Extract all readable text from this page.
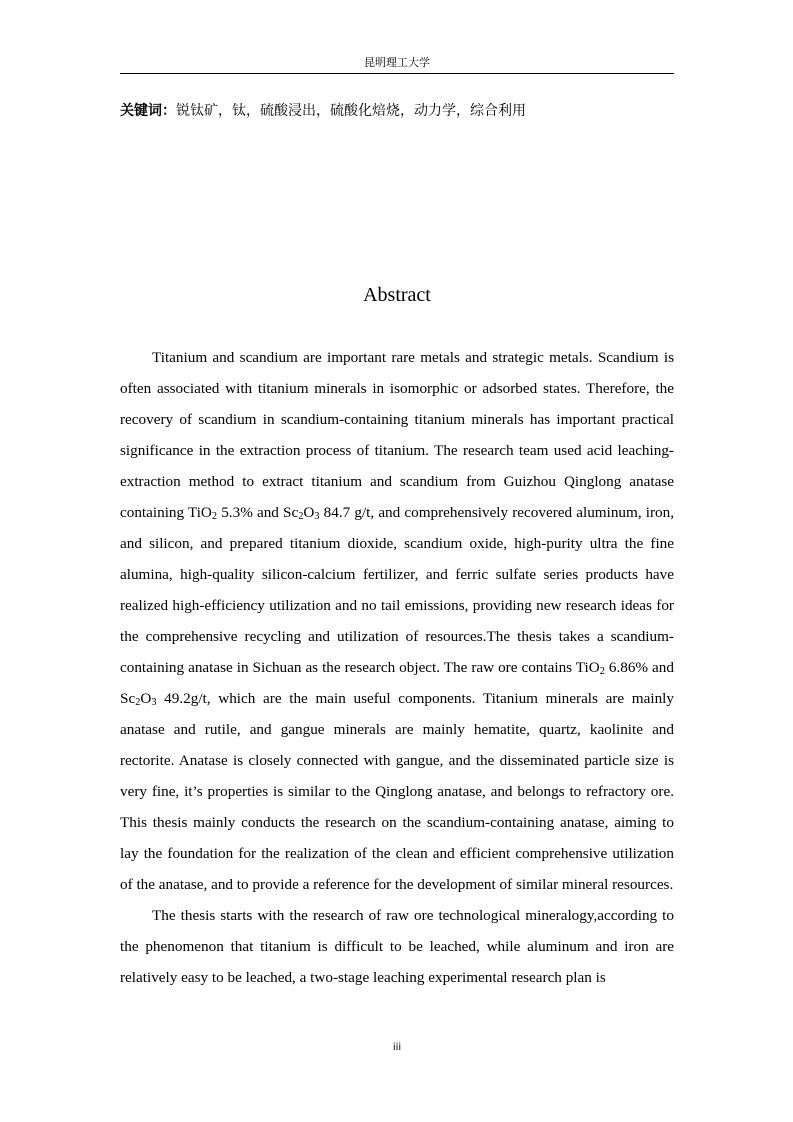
昆明理工大学
关键词：锐钛矿，钛，硫酸浸出，硫酸化焙烧，动力学，综合利用
Abstract

Titanium and scandium are important rare metals and strategic metals. Scandium is often associated with titanium minerals in isomorphic or adsorbed states. Therefore, the recovery of scandium in scandium-containing titanium minerals has important practical significance in the extraction process of titanium. The research team used acid leaching-extraction method to extract titanium and scandium from Guizhou Qinglong anatase containing TiO$_2$ 5.3% and $Sc_2O_3$ 84.7 g/t, and comprehensively recovered aluminum, iron, and silicon, and prepared titanium dioxide, scandium oxide, high-purity ultra the fine alumina, high-quality silicon-calcium fertilizer, and ferric sulfate series products have realized high-efficiency utilization and no tail emissions, providing new research ideas for the comprehensive recycling and utilization of resources.The thesis takes a scandium-containing anatase in Sichuan as the research object. The raw ore contains TiO$_2$ 6.86% and $Sc_2O_3$ 49.2g/t, which are the main useful components. Titanium minerals are mainly anatase and rutile, and gangue minerals are mainly hematite, quartz, kaolinite and rectorite. Anatase is closely connected with gangue, and the disseminated particle size is very fine, it’s properties is similar to the Qinglong anatase, and belongs to refractory ore. This thesis mainly conducts the research on the scandium-containing anatase, aiming to lay the foundation for the realization of the clean and efficient comprehensive utilization of the anatase, and to provide a reference for the development of similar mineral resources.

The thesis starts with the research of raw ore technological mineralogy,according to the phenomenon that titanium is difficult to be leached, while aluminum and iron are relatively easy to be leached, a two-stage leaching experimental research plan is

iii
